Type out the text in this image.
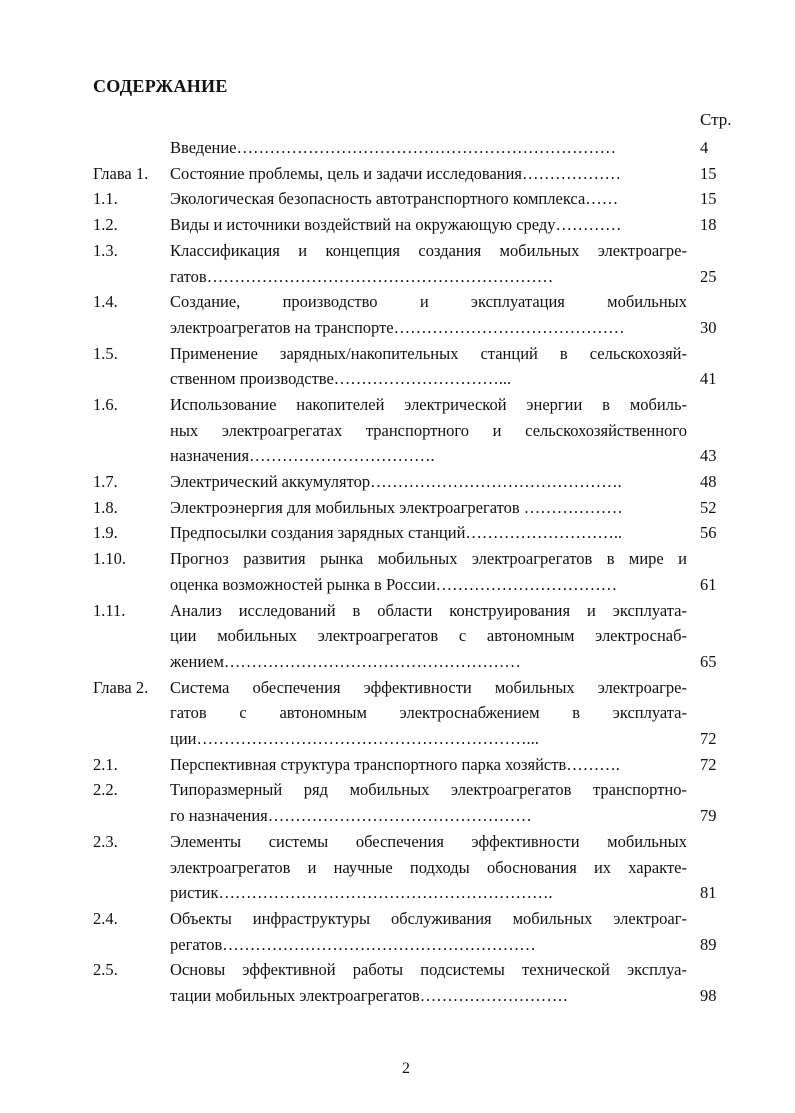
СОДЕРЖАНИЕ
Стр.
Введение……………………………………………………………	4
Глава 1. Состояние проблемы, цель и задачи исследования………………	15
1.1.	Экологическая безопасность автотранспортного комплекса……	15
1.2.	Виды и источники воздействий на окружающую среду…………	18
1.3.	Классификация и концепция создания мобильных электроагре-
гатов………………………………………………………	25
1.4.	Создание, производство и эксплуатация мобильных
электроагрегатов на транспорте……………………………………	30
1.5.	Применение зарядных/накопительных станций в сельскохозяй-
ственном производстве…………………………...	41
1.6.	Использование накопителей электрической энергии в мобиль-
ных электроагрегатах транспортного и сельскохозяйственного
назначения…………………………….	43
1.7.	Электрический аккумулятор……………………………………….	48
1.8.	Электроэнергия для мобильных электроагрегатов ………………	52
1.9.	Предпосылки создания зарядных станций………………………..	56
1.10.	Прогноз развития рынка мобильных электроагрегатов в мире и
оценка возможностей рынка в России……………………………	61
1.11.	Анализ исследований в области конструирования и эксплуата-
ции мобильных электроагрегатов с автономным электроснаб-
жением………………………………………………	65
Глава 2. Система обеспечения эффективности мобильных электроагре-
гатов с автономным электроснабжением в эксплуата-
ции……………………………………………………...	72
2.1.	Перспективная структура транспортного парка хозяйств……….	72
2.2.	Типоразмерный ряд мобильных электроагрегатов транспортно-
го назначения…………………………………………	79
2.3.	Элементы системы обеспечения эффективности мобильных
электроагрегатов и научные подходы обоснования их характе-
ристик…………………………………………………….	81
2.4.	Объекты инфраструктуры обслуживания мобильных электроаг-
регатов…………………………………………………	89
2.5.	Основы эффективной работы подсистемы технической эксплуа-
тации мобильных электроагрегатов………………………	98
2
